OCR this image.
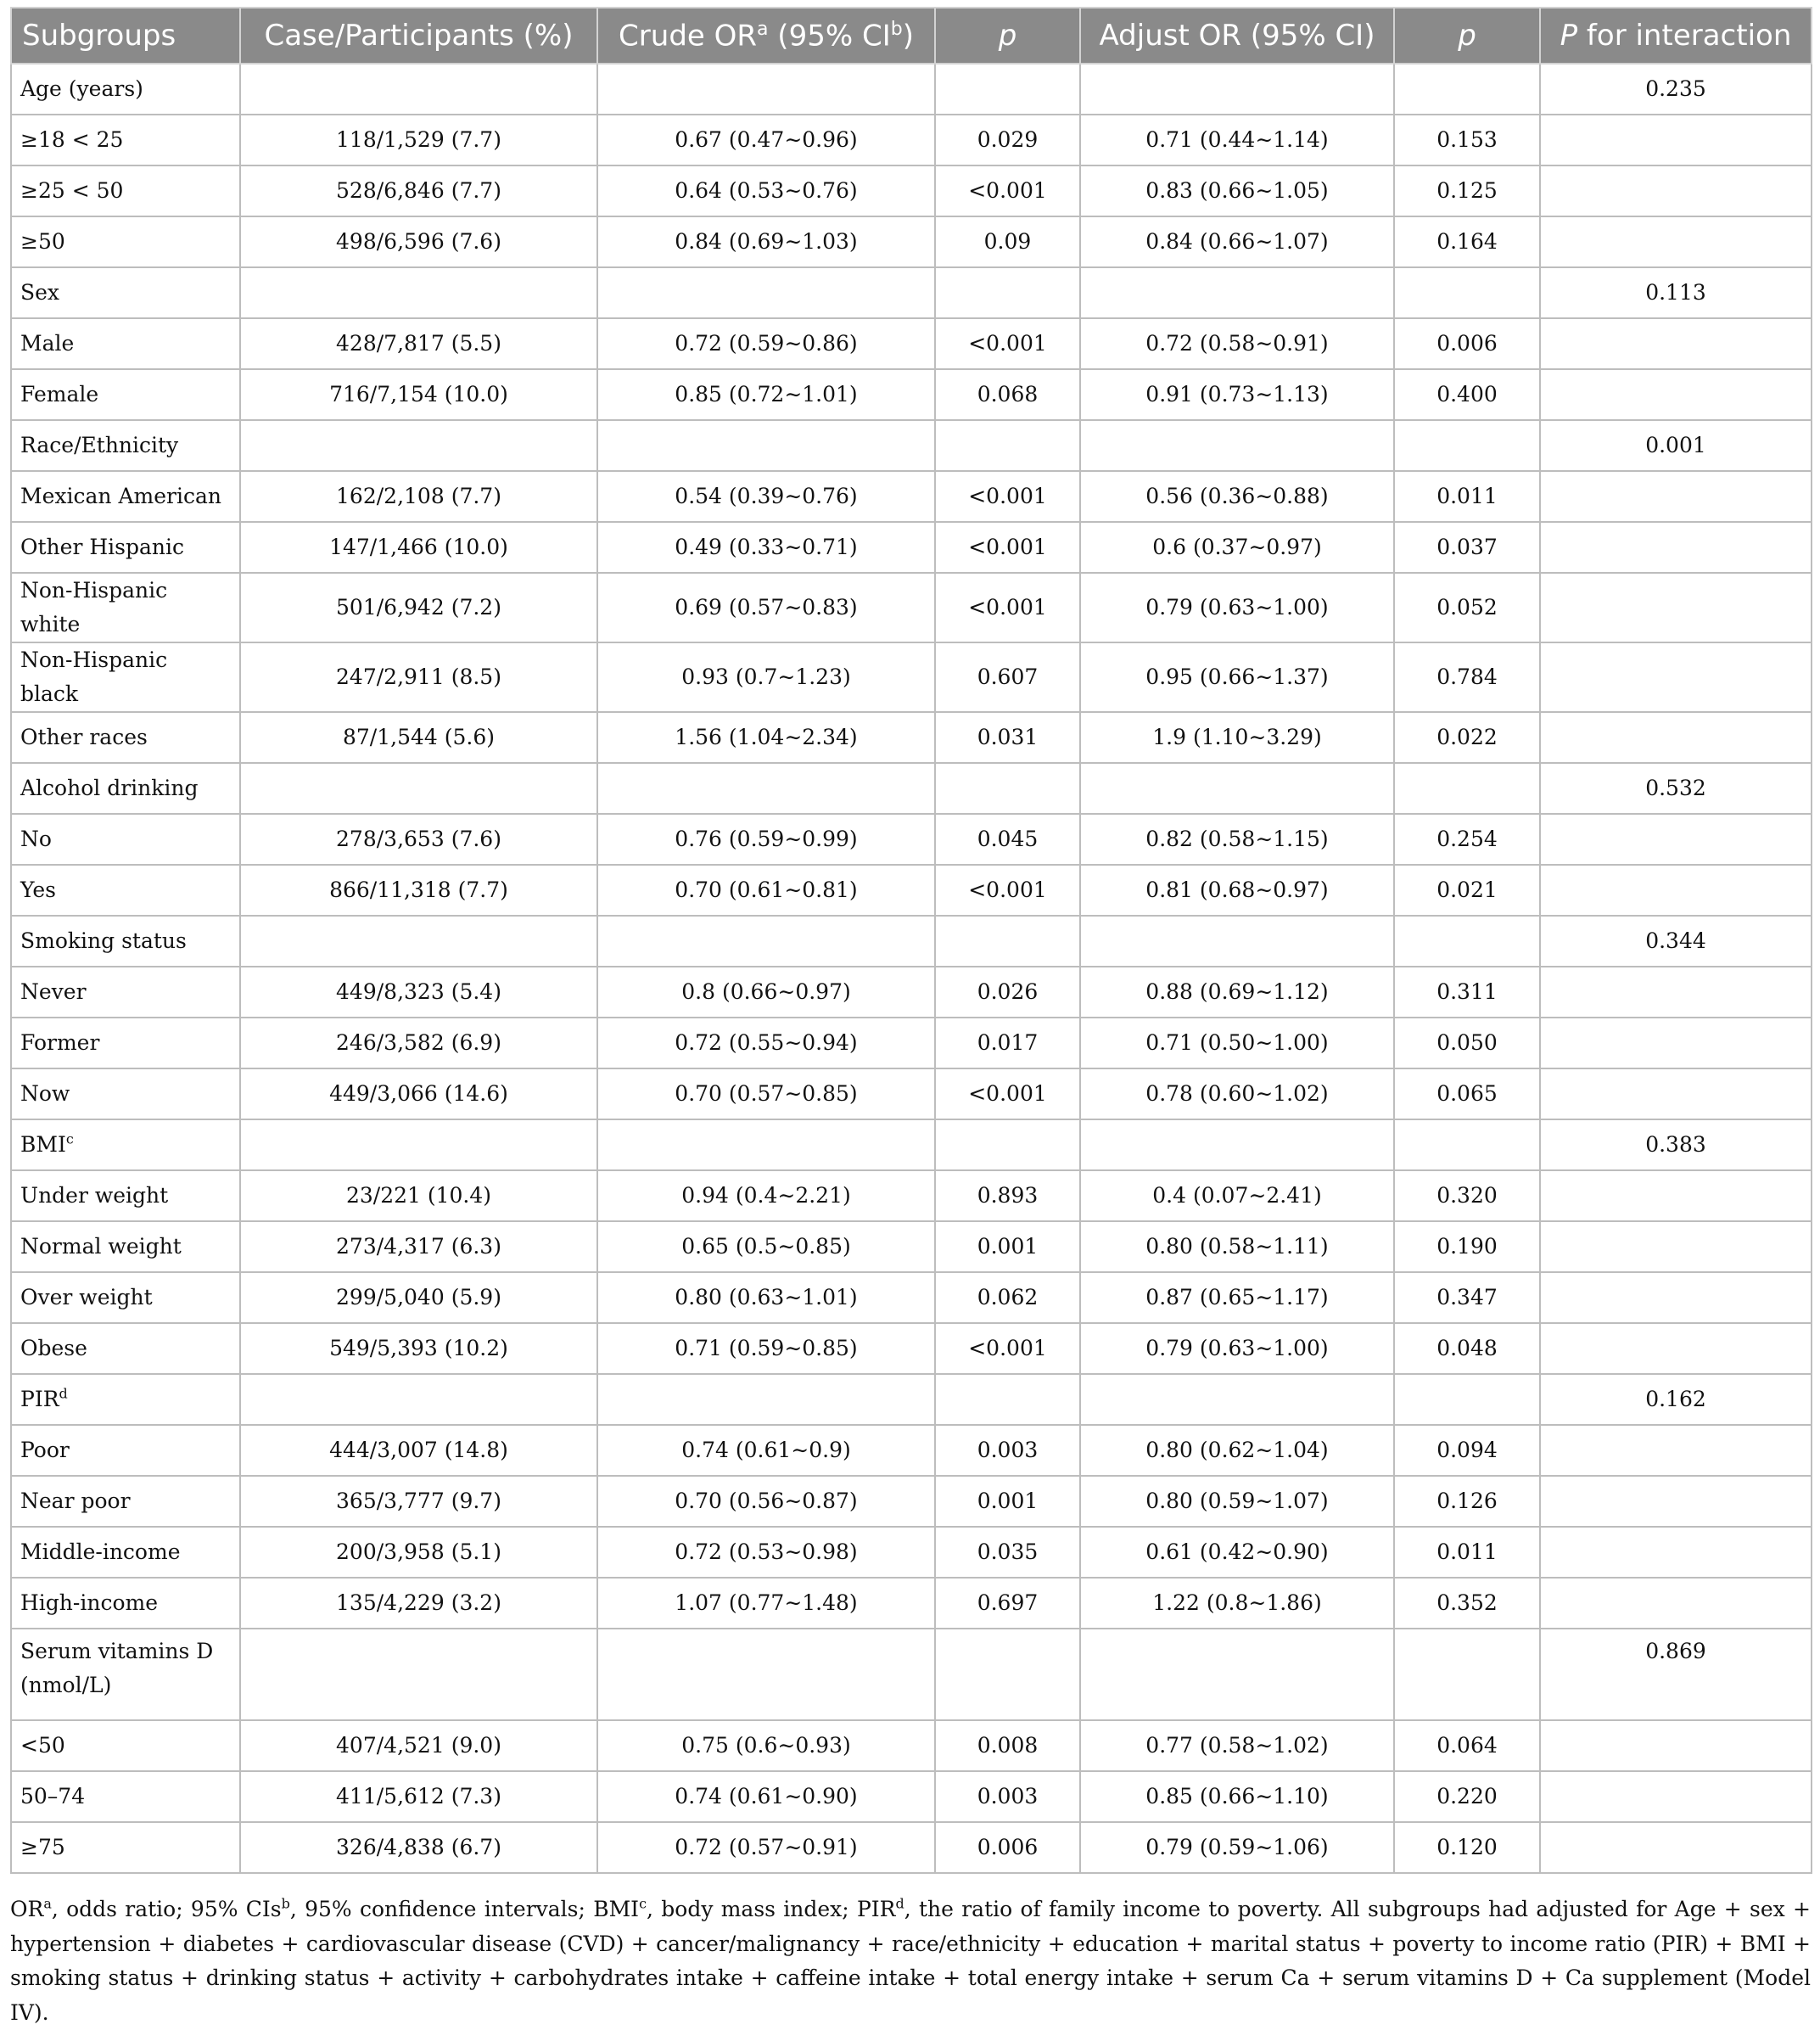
Subgroups	Case/Participants (%)	Crude $OR^a$ (95% $CI^b$)	p	Adjust OR (95% CI)	p	P for interaction
Age (years)						0.235
≥18 < 25	118/1,529 (7.7)	0.67 (0.47∼0.96)	0.029	0.71 (0.44∼1.14)	0.153	
≥25 < 50	528/6,846 (7.7)	0.64 (0.53∼0.76)	<0.001	0.83 (0.66∼1.05)	0.125	
≥50	498/6,596 (7.6)	0.84 (0.69∼1.03)	0.09	0.84 (0.66∼1.07)	0.164	
Sex						0.113
Male	428/7,817 (5.5)	0.72 (0.59∼0.86)	<0.001	0.72 (0.58∼0.91)	0.006	
Female	716/7,154 (10.0)	0.85 (0.72∼1.01)	0.068	0.91 (0.73∼1.13)	0.400	
Race/Ethnicity						0.001
Mexican American	162/2,108 (7.7)	0.54 (0.39∼0.76)	<0.001	0.56 (0.36∼0.88)	0.011	
Other Hispanic	147/1,466 (10.0)	0.49 (0.33∼0.71)	<0.001	0.6 (0.37∼0.97)	0.037	
Non-Hispanic white	501/6,942 (7.2)	0.69 (0.57∼0.83)	<0.001	0.79 (0.63∼1.00)	0.052	
Non-Hispanic black	247/2,911 (8.5)	0.93 (0.7∼1.23)	0.607	0.95 (0.66∼1.37)	0.784	
Other races	87/1,544 (5.6)	1.56 (1.04∼2.34)	0.031	1.9 (1.10∼3.29)	0.022	
Alcohol drinking						0.532
No	278/3,653 (7.6)	0.76 (0.59∼0.99)	0.045	0.82 (0.58∼1.15)	0.254	
Yes	866/11,318 (7.7)	0.70 (0.61∼0.81)	<0.001	0.81 (0.68∼0.97)	0.021	
Smoking status						0.344
Never	449/8,323 (5.4)	0.8 (0.66∼0.97)	0.026	0.88 (0.69∼1.12)	0.311	
Former	246/3,582 (6.9)	0.72 (0.55∼0.94)	0.017	0.71 (0.50∼1.00)	0.050	
Now	449/3,066 (14.6)	0.70 (0.57∼0.85)	<0.001	0.78 (0.60∼1.02)	0.065	
BMI$^c$						0.383
Under weight	23/221 (10.4)	0.94 (0.4∼2.21)	0.893	0.4 (0.07∼2.41)	0.320	
Normal weight	273/4,317 (6.3)	0.65 (0.5∼0.85)	0.001	0.80 (0.58∼1.11)	0.190	
Over weight	299/5,040 (5.9)	0.80 (0.63∼1.01)	0.062	0.87 (0.65∼1.17)	0.347	
Obese	549/5,393 (10.2)	0.71 (0.59∼0.85)	<0.001	0.79 (0.63∼1.00)	0.048	
PIR$^d$						0.162
Poor	444/3,007 (14.8)	0.74 (0.61∼0.9)	0.003	0.80 (0.62∼1.04)	0.094	
Near poor	365/3,777 (9.7)	0.70 (0.56∼0.87)	0.001	0.80 (0.59∼1.07)	0.126	
Middle-income	200/3,958 (5.1)	0.72 (0.53∼0.98)	0.035	0.61 (0.42∼0.90)	0.011	
High-income	135/4,229 (3.2)	1.07 (0.77∼1.48)	0.697	1.22 (0.8∼1.86)	0.352	
Serum vitamins D (nmol/L)						0.869
<50	407/4,521 (9.0)	0.75 (0.6∼0.93)	0.008	0.77 (0.58∼1.02)	0.064	
50–74	411/5,612 (7.3)	0.74 (0.61∼0.90)	0.003	0.85 (0.66∼1.10)	0.220	
≥75	326/4,838 (6.7)	0.72 (0.57∼0.91)	0.006	0.79 (0.59∼1.06)	0.120	
$OR^a$, odds ratio; 95% CIs$^b$, 95% confidence intervals; BMI$^c$, body mass index; PIR$^d$, the ratio of family income to poverty. All subgroups had adjusted for Age + sex + hypertension + diabetes + cardiovascular disease (CVD) + cancer/malignancy + race/ethnicity + education + marital status + poverty to income ratio (PIR) + BMI + smoking status + drinking status + activity + carbohydrates intake + caffeine intake + total energy intake + serum Ca + serum vitamins D + Ca supplement (Model IV).
